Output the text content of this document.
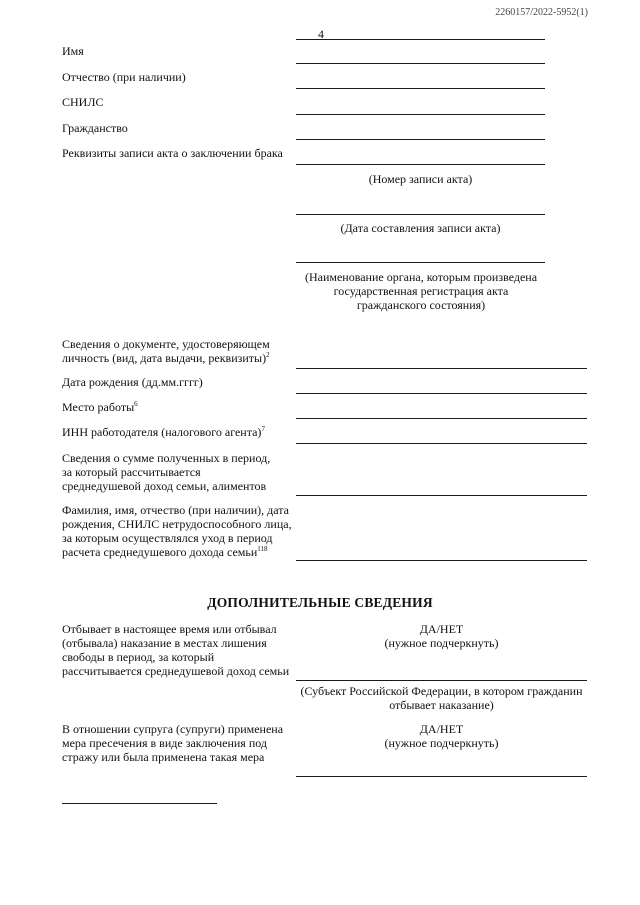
2260157/2022-5952(1)
4
Имя
Отчество (при наличии)
СНИЛС
Гражданство
Реквизиты записи акта о заключении брака
(Номер записи акта)
(Дата составления записи акта)
(Наименование органа, которым произведена государственная регистрация акта гражданского состояния)
Сведения о документе, удостоверяющем личность (вид, дата выдачи, реквизиты)$^2$
Дата рождения (дд.мм.гггг)
Место работы$^6$
ИНН работодателя (налогового агента)$^7$
Сведения о сумме полученных в период, за который рассчитывается среднедушевой доход семьи, алиментов
Фамилия, имя, отчество (при наличии), дата рождения, СНИЛС нетрудоспособного лица, за которым осуществлялся уход в период расчета среднедушевого дохода семьи$^{118}$
ДОПОЛНИТЕЛЬНЫЕ СВЕДЕНИЯ
Отбывает в настоящее время или отбывал (отбывала) наказание в местах лишения свободы в период, за который рассчитывается среднедушевой доход семьи
ДА/НЕТ
(нужное подчеркнуть)
(Субъект Российской Федерации, в котором гражданин отбывает наказание)
В отношении супруга (супруги) применена мера пресечения в виде заключения под стражу или была применена такая мера
ДА/НЕТ
(нужное подчеркнуть)
